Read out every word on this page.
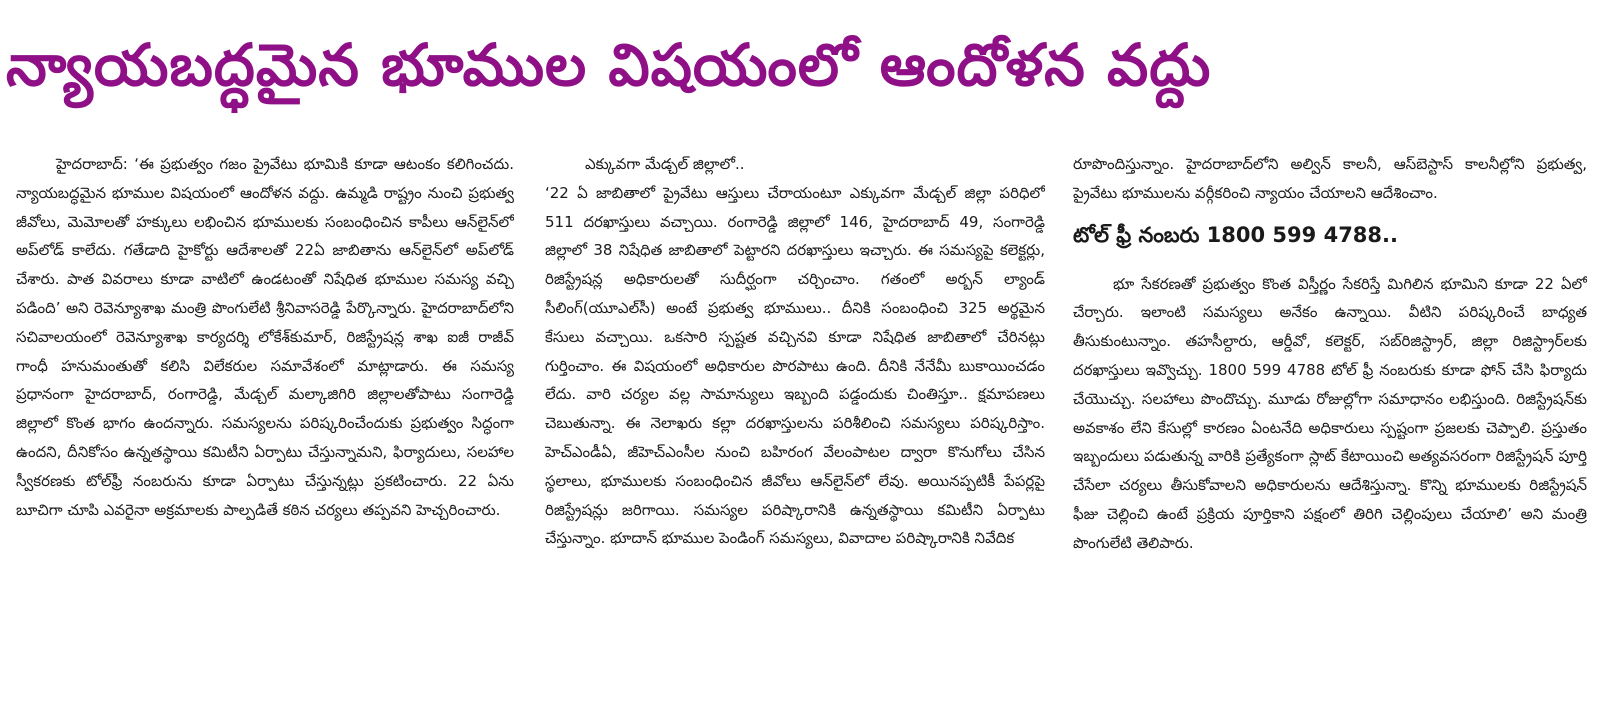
న్యాయబద్ధమైన భూముల విషయంలో ఆందోళన వద్దు

హైదరాబాద్‌: ‘ఈ ప్రభుత్వం గజం ప్రైవేటు భూమికి కూడా ఆటంకం కలిగించదు. న్యాయబద్ధమైన భూముల విషయంలో ఆందోళన వద్దు. ఉమ్మడి రాష్ట్రం నుంచి ప్రభుత్వ జీవోలు, మెమోలతో హక్కులు లభించిన భూములకు సంబంధించిన కాపీలు ఆన్‌లైన్‌లో అప్‌లోడ్‌ కాలేదు. గతేడాది హైకోర్టు ఆదేశాలతో 22ఏ జాబితాను ఆన్‌లైన్‌లో అప్‌లోడ్‌ చేశారు. పాత వివరాలు కూడా వాటిలో ఉండటంతో నిషేధిత భూముల సమస్య వచ్చి పడింది’ అని రెవెన్యూశాఖ మంత్రి పొంగులేటి శ్రీనివాసరెడ్డి పేర్కొన్నారు. హైదరాబాద్‌లోని సచివాలయంలో రెవెన్యూశాఖ కార్యదర్శి లోకేశ్‌కుమార్‌, రిజిస్ట్రేషన్ల శాఖ ఐజీ రాజీవ్‌ గాంధీ హనుమంతుతో కలిసి విలేకరుల సమావేశంలో మాట్లాడారు. ఈ సమస్య ప్రధానంగా హైదరాబాద్‌, రంగారెడ్డి, మేడ్చల్‌ మల్కాజిగిరి జిల్లాలతోపాటు సంగారెడ్డి జిల్లాలో కొంత భాగం ఉందన్నారు. సమస్యలను పరిష్కరించేందుకు ప్రభుత్వం సిద్ధంగా ఉందని, దీనికోసం ఉన్నతస్థాయి కమిటీని ఏర్పాటు చేస్తున్నామని, ఫిర్యాదులు, సలహాల స్వీకరణకు టోల్‌ఫ్రీ నంబరును కూడా ఏర్పాటు చేస్తున్నట్లు ప్రకటించారు. 22 ఏను బూచిగా చూపి ఎవరైనా అక్రమాలకు పాల్పడితే కఠిన చర్యలు తప్పవని హెచ్చరించారు.

ఎక్కువగా మేడ్చల్‌ జిల్లాలో..

‘22 ఏ జాబితాలో ప్రైవేటు ఆస్తులు చేరాయంటూ ఎక్కువగా మేడ్చల్‌ జిల్లా పరిధిలో 511 దరఖాస్తులు వచ్చాయి. రంగారెడ్డి జిల్లాలో 146, హైదరాబాద్‌ 49, సంగారెడ్డి జిల్లాలో 38 నిషేధిత జాబితాలో పెట్టారని దరఖాస్తులు ఇచ్చారు. ఈ సమస్యపై కలెక్టర్లు, రిజిస్ట్రేషన్ల అధికారులతో సుదీర్ఘంగా చర్చించాం. గతంలో అర్బన్‌ ల్యాండ్‌ సీలింగ్‌(యూఎల్‌సీ) అంటే ప్రభుత్వ భూములు.. దీనికి సంబంధించి 325 అర్థమైన కేసులు వచ్చాయి. ఒకసారి స్పష్టత వచ్చినవి కూడా నిషేధిత జాబితాలో చేరినట్లు గుర్తించాం. ఈ విషయంలో అధికారుల పొరపాటు ఉంది. దీనికి నేనేమీ బుకాయించడం లేదు. వారి చర్యల వల్ల సామాన్యులు ఇబ్బంది పడ్డందుకు చింతిస్తూ.. క్షమాపణలు చెబుతున్నా. ఈ నెలాఖరు కల్లా దరఖాస్తులను పరిశీలించి సమస్యలు పరిష్కరిస్తాం. హెచ్‌ఎండీఏ, జీహెచ్‌ఎంసీల నుంచి బహిరంగ వేలంపాటల ద్వారా కొనుగోలు చేసిన స్థలాలు, భూములకు సంబంధించిన జీవోలు ఆన్‌లైన్‌లో లేవు. అయినప్పటికీ పేపర్లపై రిజిస్ట్రేషన్లు జరిగాయి. సమస్యల పరిష్కారానికి ఉన్నతస్థాయి కమిటీని ఏర్పాటు చేస్తున్నాం. భూదాన్‌ భూముల పెండింగ్‌ సమస్యలు, వివాదాల పరిష్కారానికి నివేదిక

రూపొందిస్తున్నాం. హైదరాబాద్‌లోని అల్విన్‌ కాలనీ, ఆస్‌బెస్టాస్‌ కాలనీల్లోని ప్రభుత్వ, ప్రైవేటు భూములను వర్గీకరించి న్యాయం చేయాలని ఆదేశించాం.

టోల్‌ ఫ్రీ నంబరు 1800 599 4788..

భూ సేకరణతో ప్రభుత్వం కొంత విస్తీర్ణం సేకరిస్తే మిగిలిన భూమిని కూడా 22 ఏలో చేర్చారు. ఇలాంటి సమస్యలు అనేకం ఉన్నాయి. వీటిని పరిష్కరించే బాధ్యత తీసుకుంటున్నాం. తహసీల్దారు, ఆర్డీవో, కలెక్టర్‌, సబ్‌రిజిస్ట్రార్‌, జిల్లా రిజిస్ట్రార్‌లకు దరఖాస్తులు ఇవ్వొచ్చు. 1800 599 4788 టోల్‌ ఫ్రీ నంబరుకు కూడా ఫోన్‌ చేసి ఫిర్యాదు చేయొచ్చు. సలహాలు పొందొచ్చు. మూడు రోజుల్లోగా సమాధానం లభిస్తుంది. రిజిస్ట్రేషన్‌కు అవకాశం లేని కేసుల్లో కారణం ఏంటనేది అధికారులు స్పష్టంగా ప్రజలకు చెప్పాలి. ప్రస్తుతం ఇబ్బందులు పడుతున్న వారికి ప్రత్యేకంగా స్లాట్‌ కేటాయించి అత్యవసరంగా రిజిస్ట్రేషన్‌ పూర్తి చేసేలా చర్యలు తీసుకోవాలని అధికారులను ఆదేశిస్తున్నా. కొన్ని భూములకు రిజిస్ట్రేషన్‌ ఫీజు చెల్లించి ఉంటే ప్రక్రియ పూర్తికాని పక్షంలో తిరిగి చెల్లింపులు చేయాలి’ అని మంత్రి పొంగులేటి తెలిపారు.
